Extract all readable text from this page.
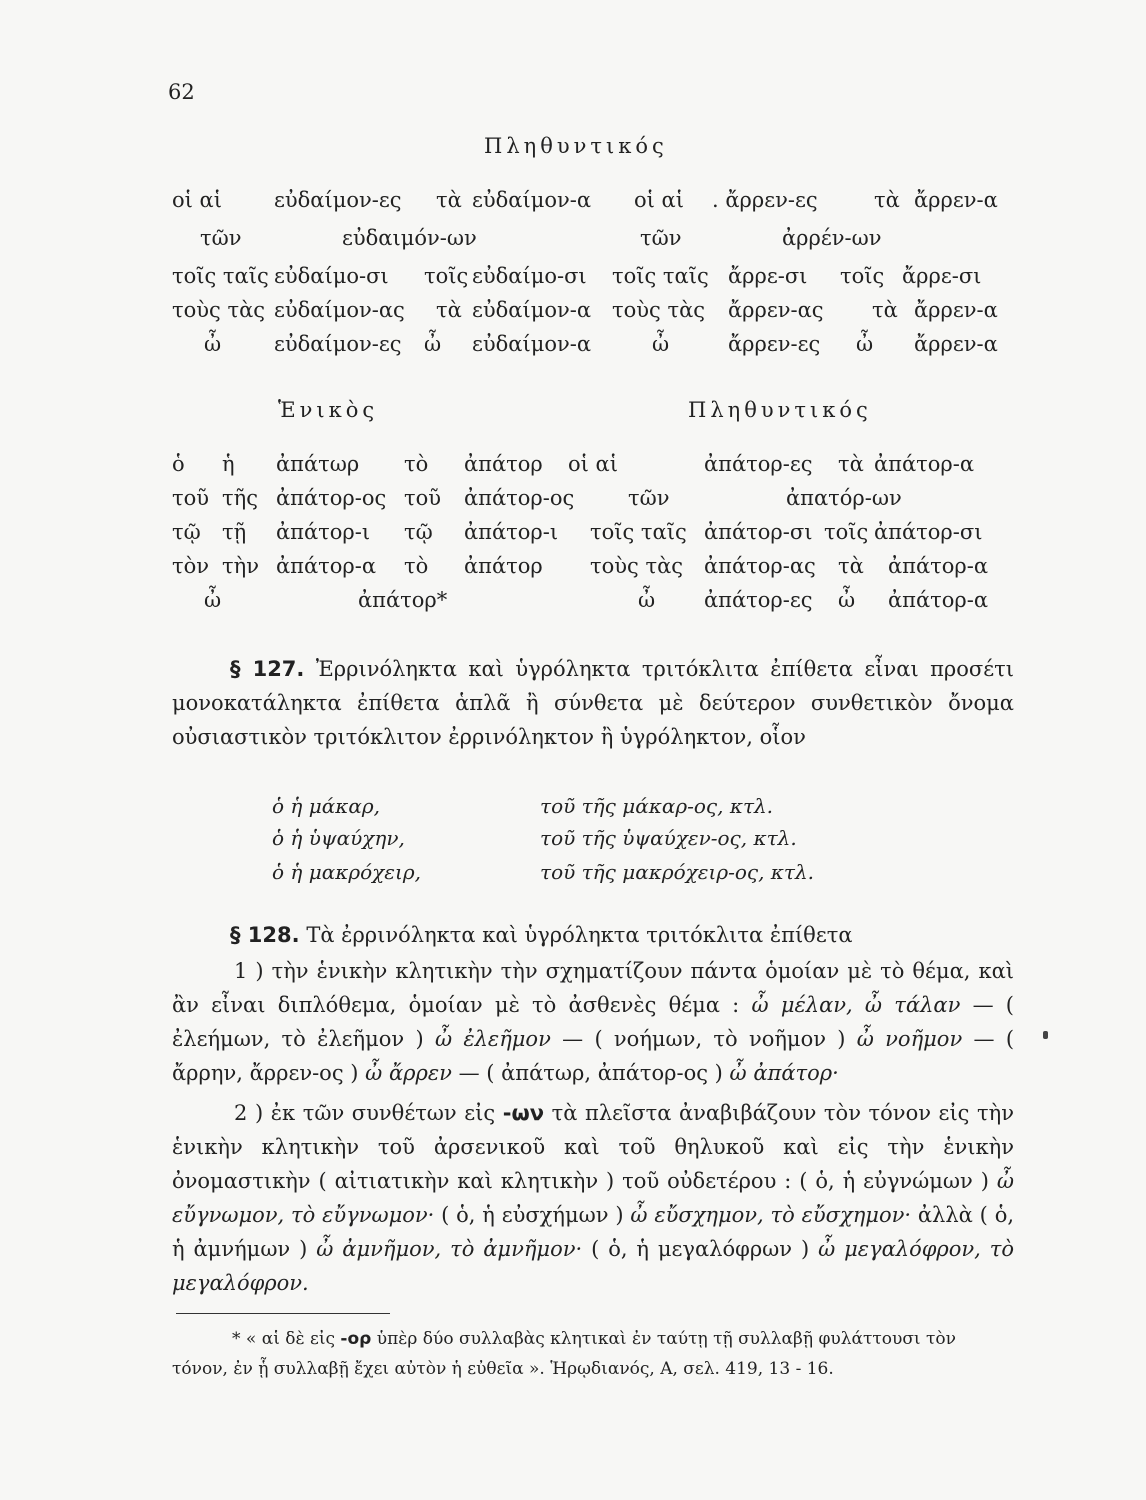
62
Πληθυντικός
οἱ αἱ εὐδαίμον-ες τὰ εὐδαίμον-α οἱ αἱ . ἄρρεν-ες	τὰ ἄρρεν-α
τῶν	εὐδαιμόν-ων	τῶν	ἀρρέν-ων
τοῖς ταῖς εὐδαίμο-σι τοῖς εὐδαίμο-σι τοῖς ταῖς ἄρρε-σι τοῖς ἄρρε-σι
τοὺς τὰς εὐδαίμον-ας τὰ εὐδαίμον-α τοὺς τὰς ἄρρεν-ας τὰ ἄρρεν-α
ὦ	εὐδαίμον-ες ὦ εὐδαίμον-α	ὦ	ἄρρεν-ες ὦ ἄρρεν-α
Ἑνικὸς	Πληθυντικός
ὁ ἡ ἀπάτωρ τὸ ἀπάτορ οἱ αἱ	ἀπάτορ-ες τὰ ἀπάτορ-α
τοῦ τῆς ἀπάτορ-ος τοῦ ἀπάτορ-ος	τῶν	ἀπατόρ-ων
τῷ τῇ ἀπάτορ-ι τῷ ἀπάτορ-ι τοῖς ταῖς ἀπάτορ-σι τοῖς ἀπάτορ-σι
τὸν τὴν ἀπάτορ-α τὸ ἀπάτορ τοὺς τὰς ἀπάτορ-ας τὰ ἀπάτορ-α
ὦ	ἀπάτορ*	ὦ ἀπάτορ-ες ὦ ἀπάτορ-α
§ 127. Ἐρρινόληκτα καὶ ὑγρόληκτα τριτόκλιτα ἐπίθετα εἶναι προσέτι μονοκατάληκτα ἐπίθετα ἁπλᾶ ἢ σύνθετα μὲ δεύτερον συνθετικὸν ὄνομα οὐσιαστικὸν τριτόκλιτον ἐρρινόληκτον ἢ ὑγρόληκτον, οἷον
ὁ ἡ μάκαρ,	τοῦ τῆς μάκαρ-ος, κτλ.
ὁ ἡ ὑψαύχην,	τοῦ τῆς ὑψαύχεν-ος, κτλ.
ὁ ἡ μακρόχειρ,	τοῦ τῆς μακρόχειρ-ος, κτλ.
§ 128. Τὰ ἐρρινόληκτα καὶ ὑγρόληκτα τριτόκλιτα ἐπίθετα
1 ) τὴν ἑνικὴν κλητικὴν τὴν σχηματίζουν πάντα ὁμοίαν μὲ τὸ θέμα, καὶ ἂν εἶναι διπλόθεμα, ὁμοίαν μὲ τὸ ἀσθενὲς θέμα : ὦ μέλαν, ὦ τάλαν — ( ἐλεήμων, τὸ ἐλεῆμον ) ὦ ἐλεῆμον — ( νοήμων, τὸ νοῆμον ) ὦ νοῆμον — ( ἄρρην, ἄρρεν-ος ) ὦ ἄρρεν — ( ἀπάτωρ, ἀπάτορ-ος ) ὦ ἀπάτορ·
2 ) ἐκ τῶν συνθέτων εἰς -ων τὰ πλεῖστα ἀναβιβάζουν τὸν τόνον εἰς τὴν ἑνικὴν κλητικὴν τοῦ ἀρσενικοῦ καὶ τοῦ θηλυκοῦ καὶ εἰς τὴν ἑνικὴν ὀνομαστικὴν ( αἰτιατικὴν καὶ κλητικὴν ) τοῦ οὐδετέρου : ( ὁ, ἡ εὐγνώμων ) ὦ εὔγνωμον, τὸ εὔγνωμον· ( ὁ, ἡ εὐσχήμων ) ὦ εὔσχημον, τὸ εὔσχημον· ἀλλὰ ( ὁ, ἡ ἀμνήμων ) ὦ ἀμνῆμον, τὸ ἀμνῆμον· ( ὁ, ἡ μεγαλόφρων ) ὦ μεγαλόφρον, τὸ μεγαλόφρον.
* « αἱ δὲ εἰς -ορ ὑπὲρ δύο συλλαβὰς κλητικαὶ ἐν ταύτῃ τῇ συλλαβῇ φυλάττουσι τὸν τόνον, ἐν ᾗ συλλαβῇ ἔχει αὐτὸν ἡ εὐθεῖα ». Ἡρῳδιανός, Α, σελ. 419, 13 - 16.
